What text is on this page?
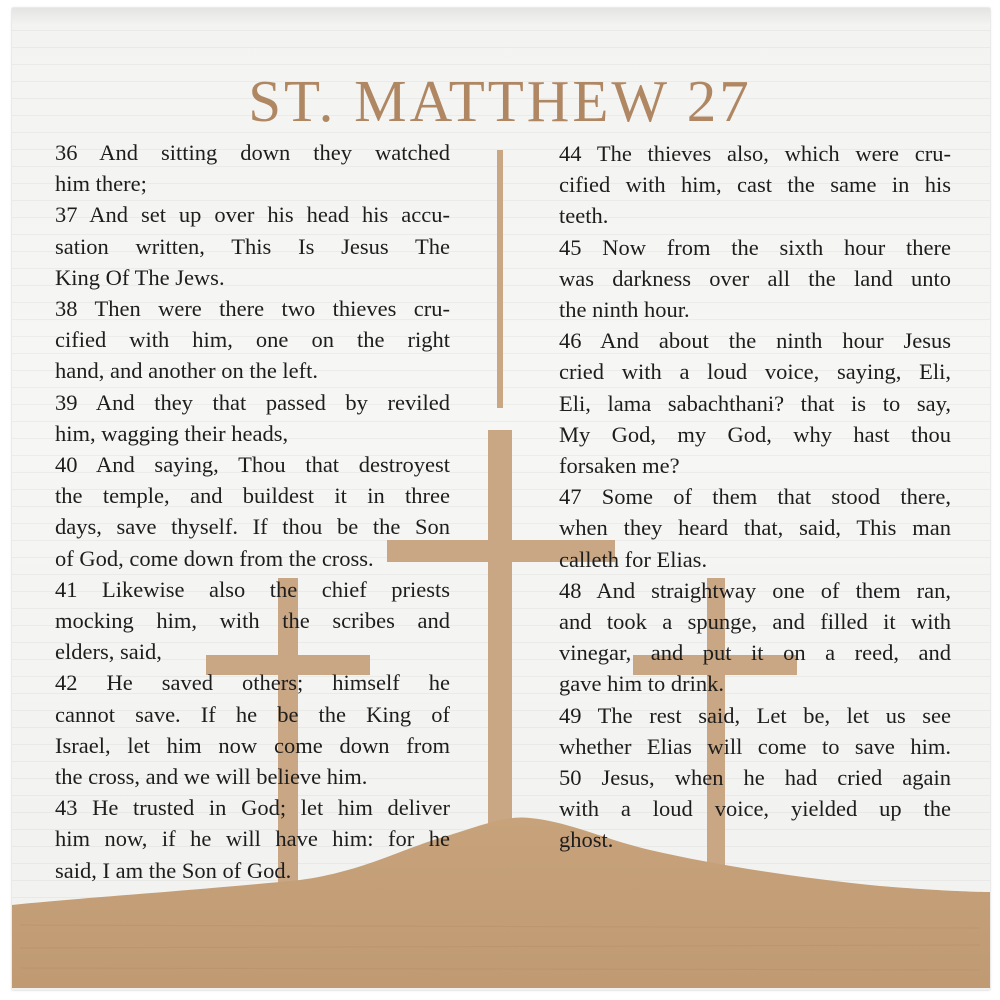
ST. MATTHEW 27
36 And sitting down they watched
him there;
37 And set up over his head his accu-
sation written, This Is Jesus The
King Of The Jews.
38 Then were there two thieves cru-
cified with him, one on the right
hand, and another on the left.
39 And they that passed by reviled
him, wagging their heads,
40 And saying, Thou that destroyest
the temple, and buildest it in three
days, save thyself. If thou be the Son
of God, come down from the cross.
41 Likewise also the chief priests
mocking him, with the scribes and
elders, said,
42 He saved others; himself he
cannot save. If he be the King of
Israel, let him now come down from
the cross, and we will believe him.
43 He trusted in God; let him deliver
him now, if he will have him: for he
said, I am the Son of God.
44 The thieves also, which were cru-
cified with him, cast the same in his
teeth.
45 Now from the sixth hour there
was darkness over all the land unto
the ninth hour.
46 And about the ninth hour Jesus
cried with a loud voice, saying, Eli,
Eli, lama sabachthani? that is to say,
My God, my God, why hast thou
forsaken me?
47 Some of them that stood there,
when they heard that, said, This man
calleth for Elias.
48 And straightway one of them ran,
and took a spunge, and filled it with
vinegar, and put it on a reed, and
gave him to drink.
49 The rest said, Let be, let us see
whether Elias will come to save him.
50 Jesus, when he had cried again
with a loud voice, yielded up the
ghost.
